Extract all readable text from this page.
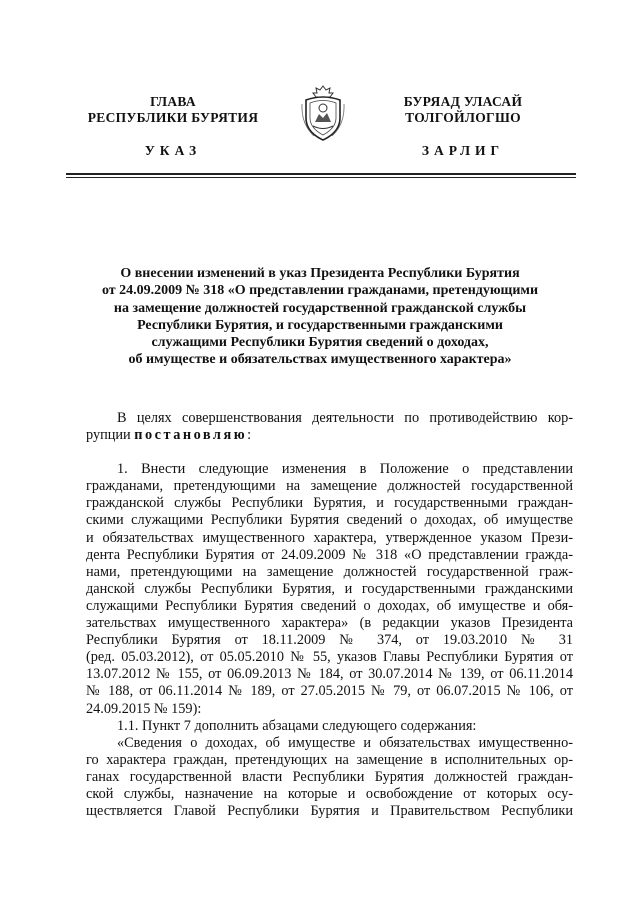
ГЛАВА
РЕСПУБЛИКИ БУРЯТИЯ
БУРЯАД УЛАСАЙ
ТОЛГОЙЛОГШО
УКАЗ	ЗАРЛИГ
О внесении изменений в указ Президента Республики Бурятия
от 24.09.2009 № 318 «О представлении гражданами, претендующими
на замещение должностей государственной гражданской службы
Республики Бурятия, и государственными гражданскими
служащими Республики Бурятия сведений о доходах,
об имуществе и обязательствах имущественного характера»

В целях совершенствования деятельности по противодействию кор-

рупции постановляю:

1. Внести следующие изменения в Положение о представлении

гражданами, претендующими на замещение должностей государственной

гражданской службы Республики Бурятия, и государственными граждан-

скими служащими Республики Бурятия сведений о доходах, об имуществе

и обязательствах имущественного характера, утвержденное указом Прези-

дента Республики Бурятия от 24.09.2009 № 318 «О представлении гражда-

нами, претендующими на замещение должностей государственной граж-

данской службы Республики Бурятия, и государственными гражданскими

служащими Республики Бурятия сведений о доходах, об имуществе и обя-

зательствах имущественного характера» (в редакции указов Президента

Республики Бурятия от 18.11.2009 № 374, от 19.03.2010 № 31

(ред. 05.03.2012), от 05.05.2010 № 55, указов Главы Республики Бурятия от

13.07.2012 № 155, от 06.09.2013 № 184, от 30.07.2014 № 139, от 06.11.2014

№ 188, от 06.11.2014 № 189, от 27.05.2015 № 79, от 06.07.2015 № 106, от

24.09.2015 № 159):

1.1. Пункт 7 дополнить абзацами следующего содержания:

«Сведения о доходах, об имуществе и обязательствах имущественно-

го характера граждан, претендующих на замещение в исполнительных ор-

ганах государственной власти Республики Бурятия должностей граждан-

ской службы, назначение на которые и освобождение от которых осу-

ществляется Главой Республики Бурятия и Правительством Республики
